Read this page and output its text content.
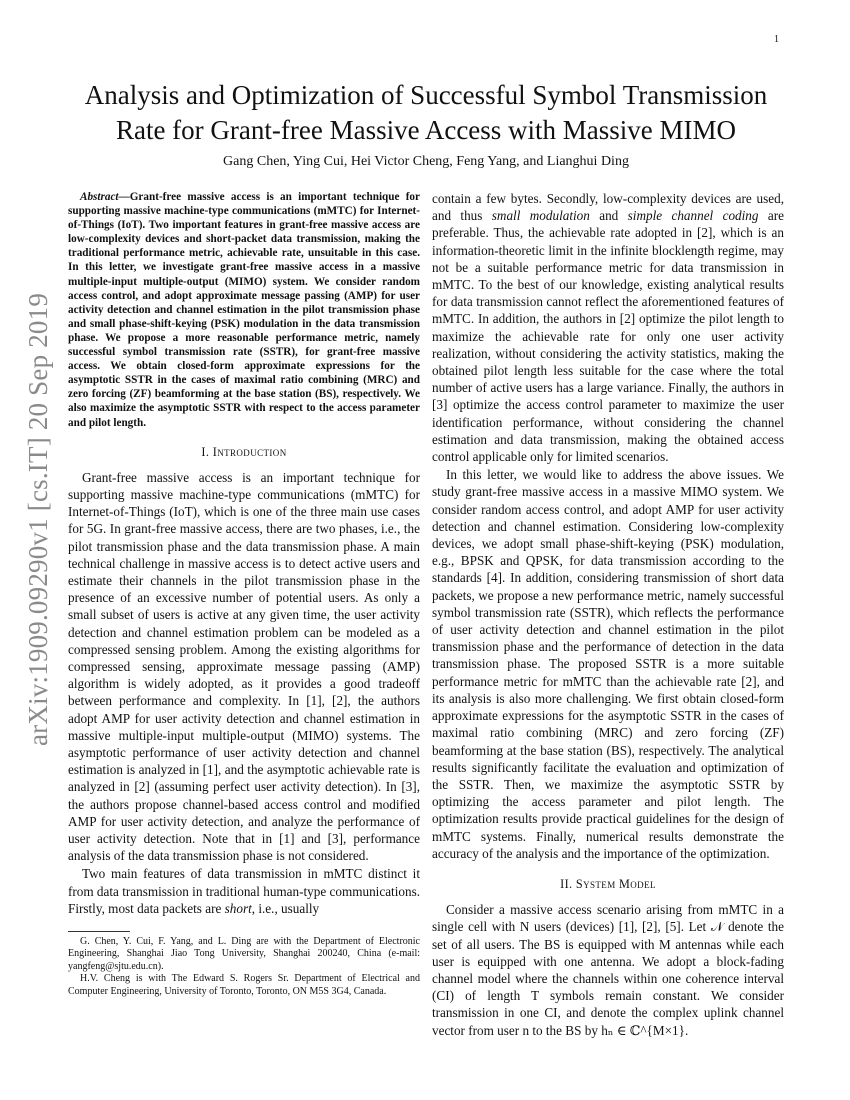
1
arXiv:1909.09290v1 [cs.IT] 20 Sep 2019
Analysis and Optimization of Successful Symbol Transmission Rate for Grant-free Massive Access with Massive MIMO
Gang Chen, Ying Cui, Hei Victor Cheng, Feng Yang, and Lianghui Ding

Abstract—Grant-free massive access is an important technique for supporting massive machine-type communications (mMTC) for Internet-of-Things (IoT). Two important features in grant-free massive access are low-complexity devices and short-packet data transmission, making the traditional performance metric, achievable rate, unsuitable in this case. In this letter, we investigate grant-free massive access in a massive multiple-input multiple-output (MIMO) system. We consider random access control, and adopt approximate message passing (AMP) for user activity detection and channel estimation in the pilot transmission phase and small phase-shift-keying (PSK) modulation in the data transmission phase. We propose a more reasonable performance metric, namely successful symbol transmission rate (SSTR), for grant-free massive access. We obtain closed-form approximate expressions for the asymptotic SSTR in the cases of maximal ratio combining (MRC) and zero forcing (ZF) beamforming at the base station (BS), respectively. We also maximize the asymptotic SSTR with respect to the access parameter and pilot length.

I. Introduction

Grant-free massive access is an important technique for supporting massive machine-type communications (mMTC) for Internet-of-Things (IoT), which is one of the three main use cases for 5G. In grant-free massive access, there are two phases, i.e., the pilot transmission phase and the data transmission phase. A main technical challenge in massive access is to detect active users and estimate their channels in the pilot transmission phase in the presence of an excessive number of potential users. As only a small subset of users is active at any given time, the user activity detection and channel estimation problem can be modeled as a compressed sensing problem. Among the existing algorithms for compressed sensing, approximate message passing (AMP) algorithm is widely adopted, as it provides a good tradeoff between performance and complexity. In [1], [2], the authors adopt AMP for user activity detection and channel estimation in massive multiple-input multiple-output (MIMO) systems. The asymptotic performance of user activity detection and channel estimation is analyzed in [1], and the asymptotic achievable rate is analyzed in [2] (assuming perfect user activity detection). In [3], the authors propose channel-based access control and modified AMP for user activity detection, and analyze the performance of user activity detection. Note that in [1] and [3], performance analysis of the data transmission phase is not considered.

Two main features of data transmission in mMTC distinct it from data transmission in traditional human-type communications. Firstly, most data packets are short, i.e., usually

G. Chen, Y. Cui, F. Yang, and L. Ding are with the Department of Electronic Engineering, Shanghai Jiao Tong University, Shanghai 200240, China (e-mail: yangfeng@sjtu.edu.cn).

H.V. Cheng is with The Edward S. Rogers Sr. Department of Electrical and Computer Engineering, University of Toronto, Toronto, ON M5S 3G4, Canada.

contain a few bytes. Secondly, low-complexity devices are used, and thus small modulation and simple channel coding are preferable. Thus, the achievable rate adopted in [2], which is an information-theoretic limit in the infinite blocklength regime, may not be a suitable performance metric for data transmission in mMTC. To the best of our knowledge, existing analytical results for data transmission cannot reflect the aforementioned features of mMTC. In addition, the authors in [2] optimize the pilot length to maximize the achievable rate for only one user activity realization, without considering the activity statistics, making the obtained pilot length less suitable for the case where the total number of active users has a large variance. Finally, the authors in [3] optimize the access control parameter to maximize the user identification performance, without considering the channel estimation and data transmission, making the obtained access control applicable only for limited scenarios.

In this letter, we would like to address the above issues. We study grant-free massive access in a massive MIMO system. We consider random access control, and adopt AMP for user activity detection and channel estimation. Considering low-complexity devices, we adopt small phase-shift-keying (PSK) modulation, e.g., BPSK and QPSK, for data transmission according to the standards [4]. In addition, considering transmission of short data packets, we propose a new performance metric, namely successful symbol transmission rate (SSTR), which reflects the performance of user activity detection and channel estimation in the pilot transmission phase and the performance of detection in the data transmission phase. The proposed SSTR is a more suitable performance metric for mMTC than the achievable rate [2], and its analysis is also more challenging. We first obtain closed-form approximate expressions for the asymptotic SSTR in the cases of maximal ratio combining (MRC) and zero forcing (ZF) beamforming at the base station (BS), respectively. The analytical results significantly facilitate the evaluation and optimization of the SSTR. Then, we maximize the asymptotic SSTR by optimizing the access parameter and pilot length. The optimization results provide practical guidelines for the design of mMTC systems. Finally, numerical results demonstrate the accuracy of the analysis and the importance of the optimization.

II. System Model

Consider a massive access scenario arising from mMTC in a single cell with N users (devices) [1], [2], [5]. Let 𝒩 denote the set of all users. The BS is equipped with M antennas while each user is equipped with one antenna. We adopt a block-fading channel model where the channels within one coherence interval (CI) of length T symbols remain constant. We consider transmission in one CI, and denote the complex uplink channel vector from user n to the BS by hₙ ∈ ℂ^{M×1}.
